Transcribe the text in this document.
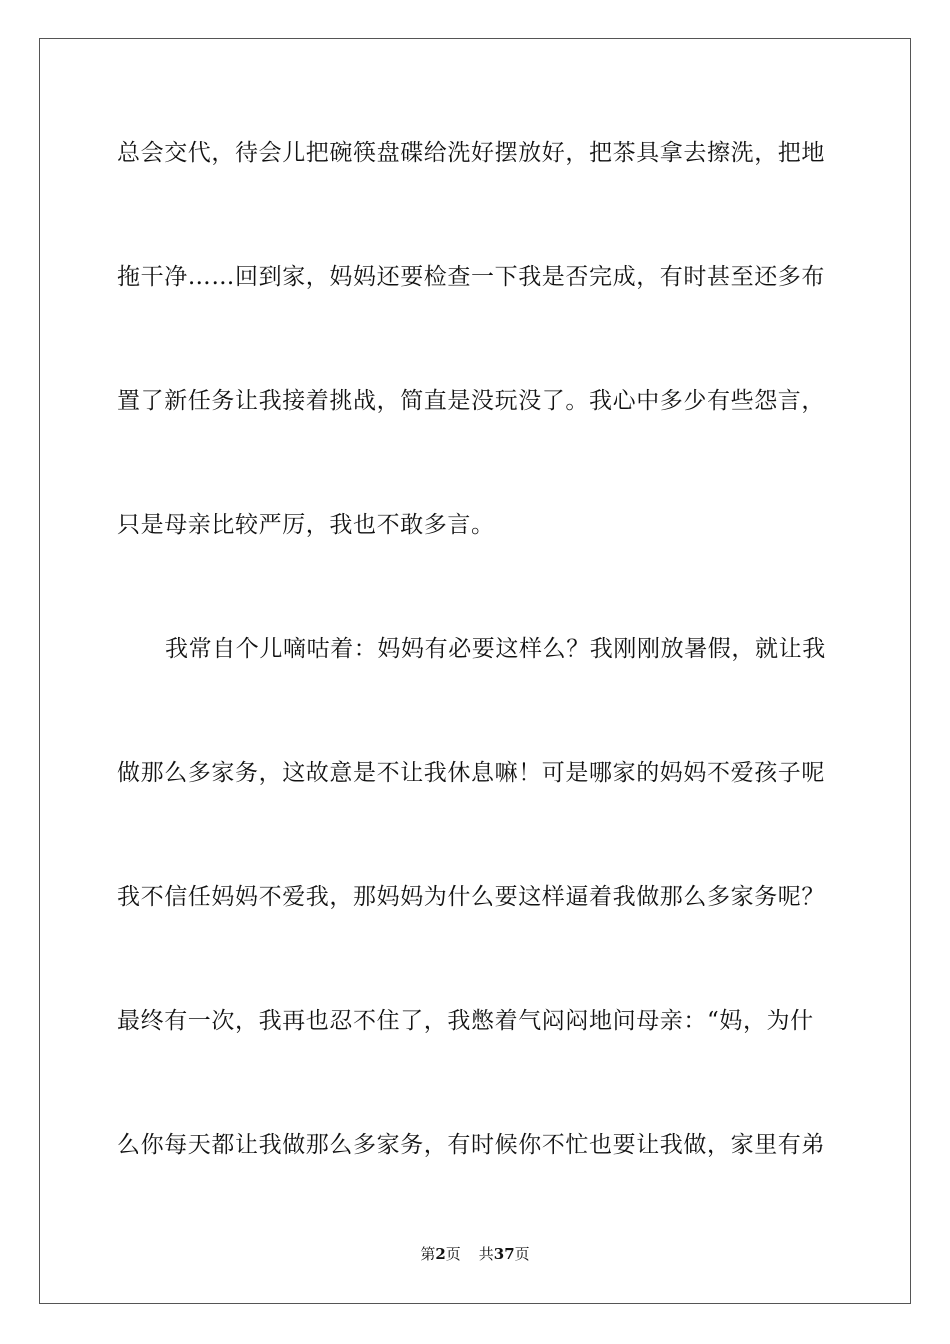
总会交代，待会儿把碗筷盘碟给洗好摆放好，把茶具拿去擦洗，把地
拖干净……回到家，妈妈还要检查一下我是否完成，有时甚至还多布
置了新任务让我接着挑战，简直是没玩没了。我心中多少有些怨言，
只是母亲比较严厉，我也不敢多言。
我常自个儿嘀咕着：妈妈有必要这样么？我刚刚放暑假，就让我
做那么多家务，这故意是不让我休息嘛！可是哪家的妈妈不爱孩子呢
我不信任妈妈不爱我，那妈妈为什么要这样逼着我做那么多家务呢？
最终有一次，我再也忍不住了，我憋着气闷闷地问母亲：“妈，为什
么你每天都让我做那么多家务，有时候你不忙也要让我做，家里有弟
第2页 共37页
